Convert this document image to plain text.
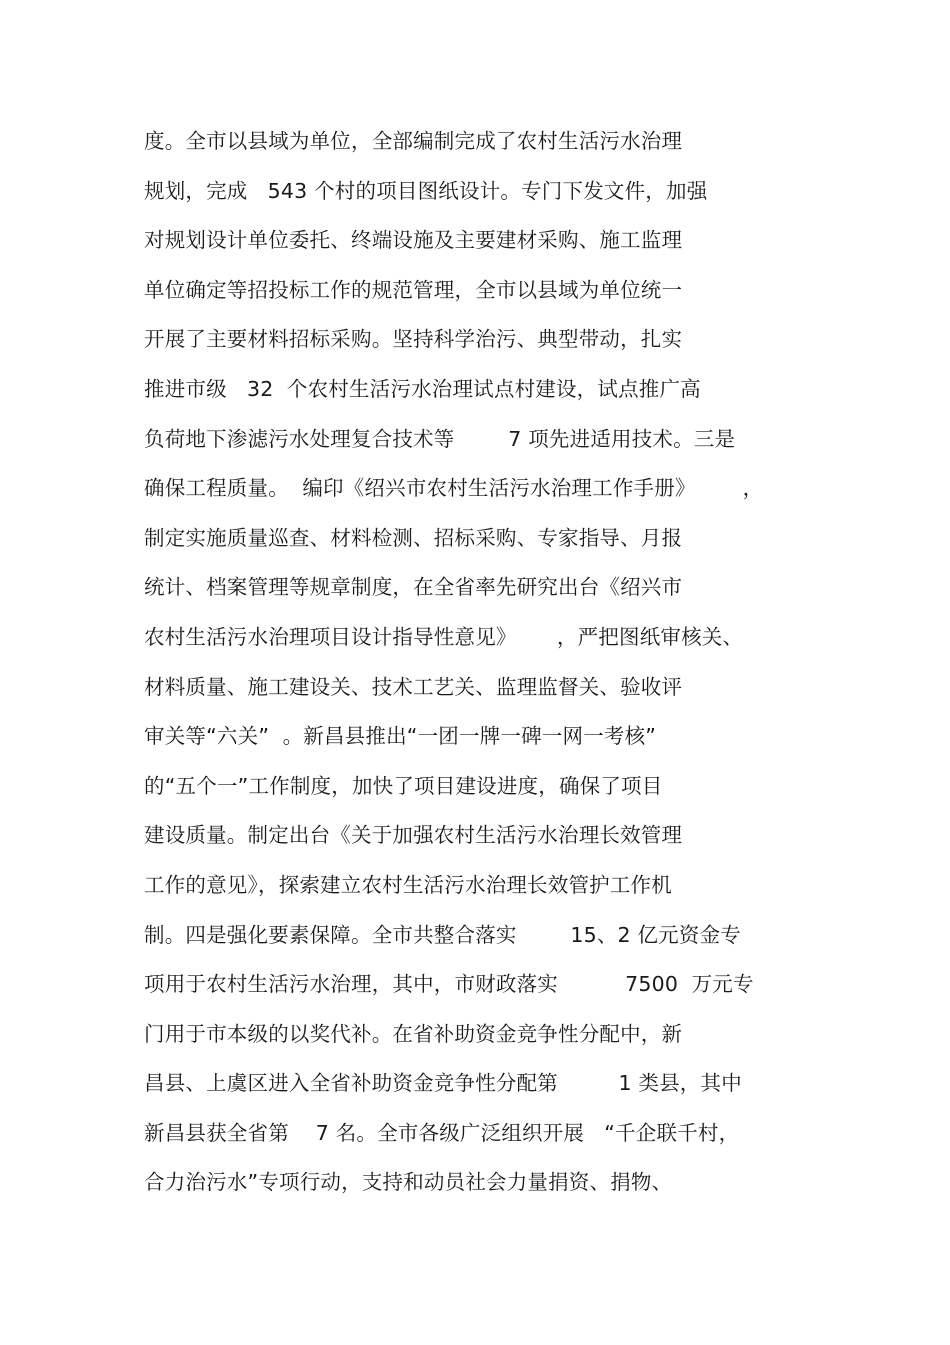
度。全市以县域为单位，全部编制完成了农村生活污水治理
规划，完成   543 个村的项目图纸设计。专门下发文件，加强
对规划设计单位委托、终端设施及主要建材采购、施工监理
单位确定等招投标工作的规范管理，全市以县域为单位统一
开展了主要材料招标采购。坚持科学治污、典型带动，扎实
推进市级   32  个农村生活污水治理试点村建设，试点推广高
负荷地下渗滤污水处理复合技术等        7 项先进适用技术。三是
确保工程质量。  编印《绍兴市农村生活污水治理工作手册》       ，
制定实施质量巡查、材料检测、招标采购、专家指导、月报
统计、档案管理等规章制度，在全省率先研究出台《绍兴市
农村生活污水治理项目设计指导性意见》      ，严把图纸审核关、
材料质量、施工建设关、技术工艺关、监理监督关、验收评
审关等“六关”  。新昌县推出“一团一牌一碑一网一考核”
的“五个一”工作制度，加快了项目建设进度，确保了项目
建设质量。制定出台《关于加强农村生活污水治理长效管理
工作的意见》，探索建立农村生活污水治理长效管护工作机
制。四是强化要素保障。全市共整合落实        15、2 亿元资金专
项用于农村生活污水治理，其中，市财政落实          7500  万元专
门用于市本级的以奖代补。在省补助资金竞争性分配中，新
昌县、上虞区进入全省补助资金竞争性分配第         1 类县，其中
新昌县获全省第    7 名。全市各级广泛组织开展   “千企联千村，
合力治污水”专项行动，支持和动员社会力量捐资、捐物、
